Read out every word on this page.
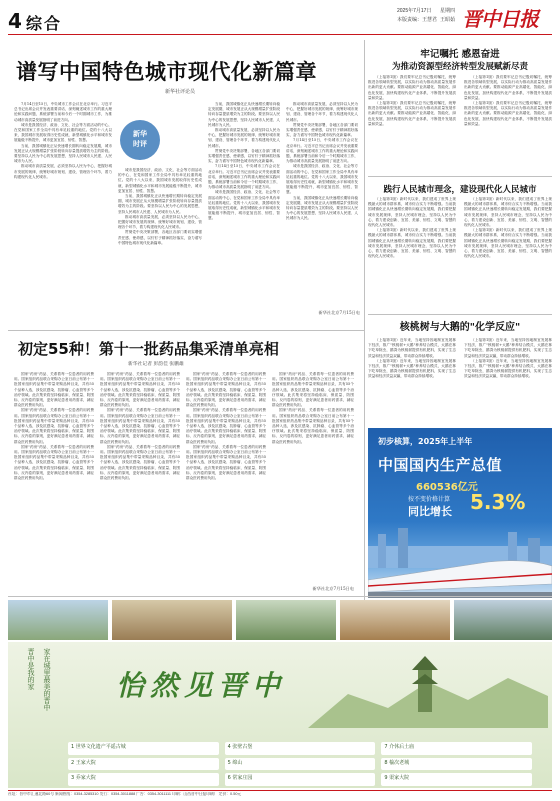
4 综合
2025年7月17日 星期四
本版责编：王慧君 王昭茹 晋中日报
谱写中国特色城市现代化新篇章
新华社评论员

7月14日至15日，中央城市工作会议在北京举行。习近平总书记出席会议并发表重要讲话，深刻阐述城市工作的重大理论和实践问题，系统部署当前和今后一个时期城市工作，为推动城市高质量发展指明了前进方向。

城市是我国经济、政治、文化、社会等方面活动的中心，在党和国家工作全局中具有举足轻重的地位。党的十八大以来，我国城市发展取得历史性成就，新型城镇化水平和城市发展能级不断提升，城市更加宜居、韧性、智慧。

当前，我国城镇化正从快速增长期转向稳定发展期，城市发展正从大规模增量扩张阶段转向存量提质增效为主的阶段。要坚持以人民为中心的发展思想，坚持人民城市人民建、人民城市为人民。

推动城市高质量发展，必须坚持以人民为中心，把握好城市发展的规律，统筹好城市规划、建设、管理各个环节，着力构建现代化人民城市。

新华
时评

城市是我国经济、政治、文化、社会等方面活动的中心，在党和国家工作全局中具有举足轻重的地位。党的十八大以来，我国城市发展取得历史性成就，新型城镇化水平和城市发展能级不断提升，城市更加宜居、韧性、智慧。

当前，我国城镇化正从快速增长期转向稳定发展期，城市发展正从大规模增量扩张阶段转向存量提质增效为主的阶段。要坚持以人民为中心的发展思想，坚持人民城市人民建、人民城市为人民。

推动城市高质量发展，必须坚持以人民为中心，把握好城市发展的规律，统筹好城市规划、建设、管理各个环节，着力构建现代化人民城市。

贯彻党中央决策部署，各地区各部门要切实增强责任感、使命感，以钉钉子精神抓好落实，奋力谱写中国特色城市现代化新篇章。

当前，我国城镇化正从快速增长期转向稳定发展期，城市发展正从大规模增量扩张阶段转向存量提质增效为主的阶段。要坚持以人民为中心的发展思想，坚持人民城市人民建、人民城市为人民。

推动城市高质量发展，必须坚持以人民为中心，把握好城市发展的规律，统筹好城市规划、建设、管理各个环节，着力构建现代化人民城市。

贯彻党中央决策部署，各地区各部门要切实增强责任感、使命感，以钉钉子精神抓好落实，奋力谱写中国特色城市现代化新篇章。

7月14日至15日，中央城市工作会议在北京举行。习近平总书记出席会议并发表重要讲话，深刻阐述城市工作的重大理论和实践问题，系统部署当前和今后一个时期城市工作，为推动城市高质量发展指明了前进方向。

城市是我国经济、政治、文化、社会等方面活动的中心，在党和国家工作全局中具有举足轻重的地位。党的十八大以来，我国城市发展取得历史性成就，新型城镇化水平和城市发展能级不断提升，城市更加宜居、韧性、智慧。

推动城市高质量发展，必须坚持以人民为中心，把握好城市发展的规律，统筹好城市规划、建设、管理各个环节，着力构建现代化人民城市。

贯彻党中央决策部署，各地区各部门要切实增强责任感、使命感，以钉钉子精神抓好落实，奋力谱写中国特色城市现代化新篇章。

7月14日至15日，中央城市工作会议在北京举行。习近平总书记出席会议并发表重要讲话，深刻阐述城市工作的重大理论和实践问题，系统部署当前和今后一个时期城市工作，为推动城市高质量发展指明了前进方向。

城市是我国经济、政治、文化、社会等方面活动的中心，在党和国家工作全局中具有举足轻重的地位。党的十八大以来，我国城市发展取得历史性成就，新型城镇化水平和城市发展能级不断提升，城市更加宜居、韧性、智慧。

当前，我国城镇化正从快速增长期转向稳定发展期，城市发展正从大规模增量扩张阶段转向存量提质增效为主的阶段。要坚持以人民为中心的发展思想，坚持人民城市人民建、人民城市为人民。

牢记嘱托 感恩奋进
为推动资源型经济转型发展赋新尽责

（上接第1版）我们要牢记总书记殷切嘱托，统筹推进各领域转型发展，以实际行动为推动高质量发展作出新的更大贡献。要推动能源产业高端化、智能化、绿色化发展，加快构建现代化产业体系，不断提升发展质量和效益。

（上接第1版）我们要牢记总书记殷切嘱托，统筹推进各领域转型发展，以实际行动为推动高质量发展作出新的更大贡献。要推动能源产业高端化、智能化、绿色化发展，加快构建现代化产业体系，不断提升发展质量和效益。

（上接第1版）我们要牢记总书记殷切嘱托，统筹推进各领域转型发展，以实际行动为推动高质量发展作出新的更大贡献。要推动能源产业高端化、智能化、绿色化发展，加快构建现代化产业体系，不断提升发展质量和效益。

（上接第1版）我们要牢记总书记殷切嘱托，统筹推进各领域转型发展，以实际行动为推动高质量发展作出新的更大贡献。要推动能源产业高端化、智能化、绿色化发展，加快构建现代化产业体系，不断提升发展质量和效益。

践行人民城市理念，建设现代化人民城市

（上接第1版）新时代以来，我们建成了世界上规模最大的城市群体系，城市综合实力不断增强。当前我国城镇化正从快速增长期转向稳定发展期，我们要把握城市发展规律，坚持人民城市理念，坚持以人民为中心，着力建设创新、宜居、美丽、韧性、文明、智慧的现代化人民城市。

（上接第1版）新时代以来，我们建成了世界上规模最大的城市群体系，城市综合实力不断增强。当前我国城镇化正从快速增长期转向稳定发展期，我们要把握城市发展规律，坚持人民城市理念，坚持以人民为中心，着力建设创新、宜居、美丽、韧性、文明、智慧的现代化人民城市。

（上接第1版）新时代以来，我们建成了世界上规模最大的城市群体系，城市综合实力不断增强。当前我国城镇化正从快速增长期转向稳定发展期，我们要把握城市发展规律，坚持人民城市理念，坚持以人民为中心，着力建设创新、宜居、美丽、韧性、文明、智慧的现代化人民城市。

（上接第1版）新时代以来，我们建成了世界上规模最大的城市群体系，城市综合实力不断增强。当前我国城镇化正从快速增长期转向稳定发展期，我们要把握城市发展规律，坚持人民城市理念，坚持以人民为中心，着力建设创新、宜居、美丽、韧性、文明、智慧的现代化人民城市。

新华社北京7月15日电
初定55种！第十一批药品集采清单亮相
新华社记者 彭韵佳 张鹏雄

国家"药房"药品、关系着每一位患者的用药费用。国家组织药品联合采购办公室日前公布第十一批国家组织药品集中带量采购品种目录，共有55个品种入选，涉及抗感染、抗肿瘤、心血管等多个治疗领域。此次集采将坚持稳临床、保质量、防围标、反内卷的原则，更好满足患者用药需求，减轻群众医药费用负担。

国家"药房"药品、关系着每一位患者的用药费用。国家组织药品联合采购办公室日前公布第十一批国家组织药品集中带量采购品种目录，共有55个品种入选，涉及抗感染、抗肿瘤、心血管等多个治疗领域。此次集采将坚持稳临床、保质量、防围标、反内卷的原则，更好满足患者用药需求，减轻群众医药费用负担。

国家"药房"药品、关系着每一位患者的用药费用。国家组织药品联合采购办公室日前公布第十一批国家组织药品集中带量采购品种目录，共有55个品种入选，涉及抗感染、抗肿瘤、心血管等多个治疗领域。此次集采将坚持稳临床、保质量、防围标、反内卷的原则，更好满足患者用药需求，减轻群众医药费用负担。

国家"药房"药品、关系着每一位患者的用药费用。国家组织药品联合采购办公室日前公布第十一批国家组织药品集中带量采购品种目录，共有55个品种入选，涉及抗感染、抗肿瘤、心血管等多个治疗领域。此次集采将坚持稳临床、保质量、防围标、反内卷的原则，更好满足患者用药需求，减轻群众医药费用负担。

国家"药房"药品、关系着每一位患者的用药费用。国家组织药品联合采购办公室日前公布第十一批国家组织药品集中带量采购品种目录，共有55个品种入选，涉及抗感染、抗肿瘤、心血管等多个治疗领域。此次集采将坚持稳临床、保质量、防围标、反内卷的原则，更好满足患者用药需求，减轻群众医药费用负担。

国家"药房"药品、关系着每一位患者的用药费用。国家组织药品联合采购办公室日前公布第十一批国家组织药品集中带量采购品种目录，共有55个品种入选，涉及抗感染、抗肿瘤、心血管等多个治疗领域。此次集采将坚持稳临床、保质量、防围标、反内卷的原则，更好满足患者用药需求，减轻群众医药费用负担。

国家"药房"药品、关系着每一位患者的用药费用。国家组织药品联合采购办公室日前公布第十一批国家组织药品集中带量采购品种目录，共有55个品种入选，涉及抗感染、抗肿瘤、心血管等多个治疗领域。此次集采将坚持稳临床、保质量、防围标、反内卷的原则，更好满足患者用药需求，减轻群众医药费用负担。

国家"药房"药品、关系着每一位患者的用药费用。国家组织药品联合采购办公室日前公布第十一批国家组织药品集中带量采购品种目录，共有55个品种入选，涉及抗感染、抗肿瘤、心血管等多个治疗领域。此次集采将坚持稳临床、保质量、防围标、反内卷的原则，更好满足患者用药需求，减轻群众医药费用负担。

国家"药房"药品、关系着每一位患者的用药费用。国家组织药品联合采购办公室日前公布第十一批国家组织药品集中带量采购品种目录，共有55个品种入选，涉及抗感染、抗肿瘤、心血管等多个治疗领域。此次集采将坚持稳临床、保质量、防围标、反内卷的原则，更好满足患者用药需求，减轻群众医药费用负担。

国家"药房"药品、关系着每一位患者的用药费用。国家组织药品联合采购办公室日前公布第十一批国家组织药品集中带量采购品种目录，共有55个品种入选，涉及抗感染、抗肿瘤、心血管等多个治疗领域。此次集采将坚持稳临床、保质量、防围标、反内卷的原则，更好满足患者用药需求，减轻群众医药费用负担。

国家"药房"药品、关系着每一位患者的用药费用。国家组织药品联合采购办公室日前公布第十一批国家组织药品集中带量采购品种目录，共有55个品种入选，涉及抗感染、抗肿瘤、心血管等多个治疗领域。此次集采将坚持稳临床、保质量、防围标、反内卷的原则，更好满足患者用药需求，减轻群众医药费用负担。

新华社北京7月15日电
核桃树与大鹅的"化学反应"

（上接第1版）近年来，当地坚持因地制宜发展林下经济，推广"核桃树+大鹅"种养结合模式，大鹅在林下吃草除虫，鹅粪为核桃树提供有机肥料，实现了生态效益和经济效益双赢，带动群众持续增收。

（上接第1版）近年来，当地坚持因地制宜发展林下经济，推广"核桃树+大鹅"种养结合模式，大鹅在林下吃草除虫，鹅粪为核桃树提供有机肥料，实现了生态效益和经济效益双赢，带动群众持续增收。

（上接第1版）近年来，当地坚持因地制宜发展林下经济，推广"核桃树+大鹅"种养结合模式，大鹅在林下吃草除虫，鹅粪为核桃树提供有机肥料，实现了生态效益和经济效益双赢，带动群众持续增收。

（上接第1版）近年来，当地坚持因地制宜发展林下经济，推广"核桃树+大鹅"种养结合模式，大鹅在林下吃草除虫，鹅粪为核桃树提供有机肥料，实现了生态效益和经济效益双赢，带动群众持续增收。

初步核算，2025年上半年
中国国内生产总值
660536亿元
按不变价格计算
同比增长 5.3%
晋中是我的家 家在城里最美的晋中 怡然见晋中
1 世界文化遗产平遥古城	4 张壁古堡	7 介休后土庙
2 王家大院	5 绵山	8 榆次老城
3 乔家大院	6 常家庄园	9 渠家大院
社址：晋中市汇通北路60号 新闻热线：0354-3285310 发行：0354-3011888 广告：0354-3011111 印刷：山西晋中日报印刷厂 定价：0.50元
